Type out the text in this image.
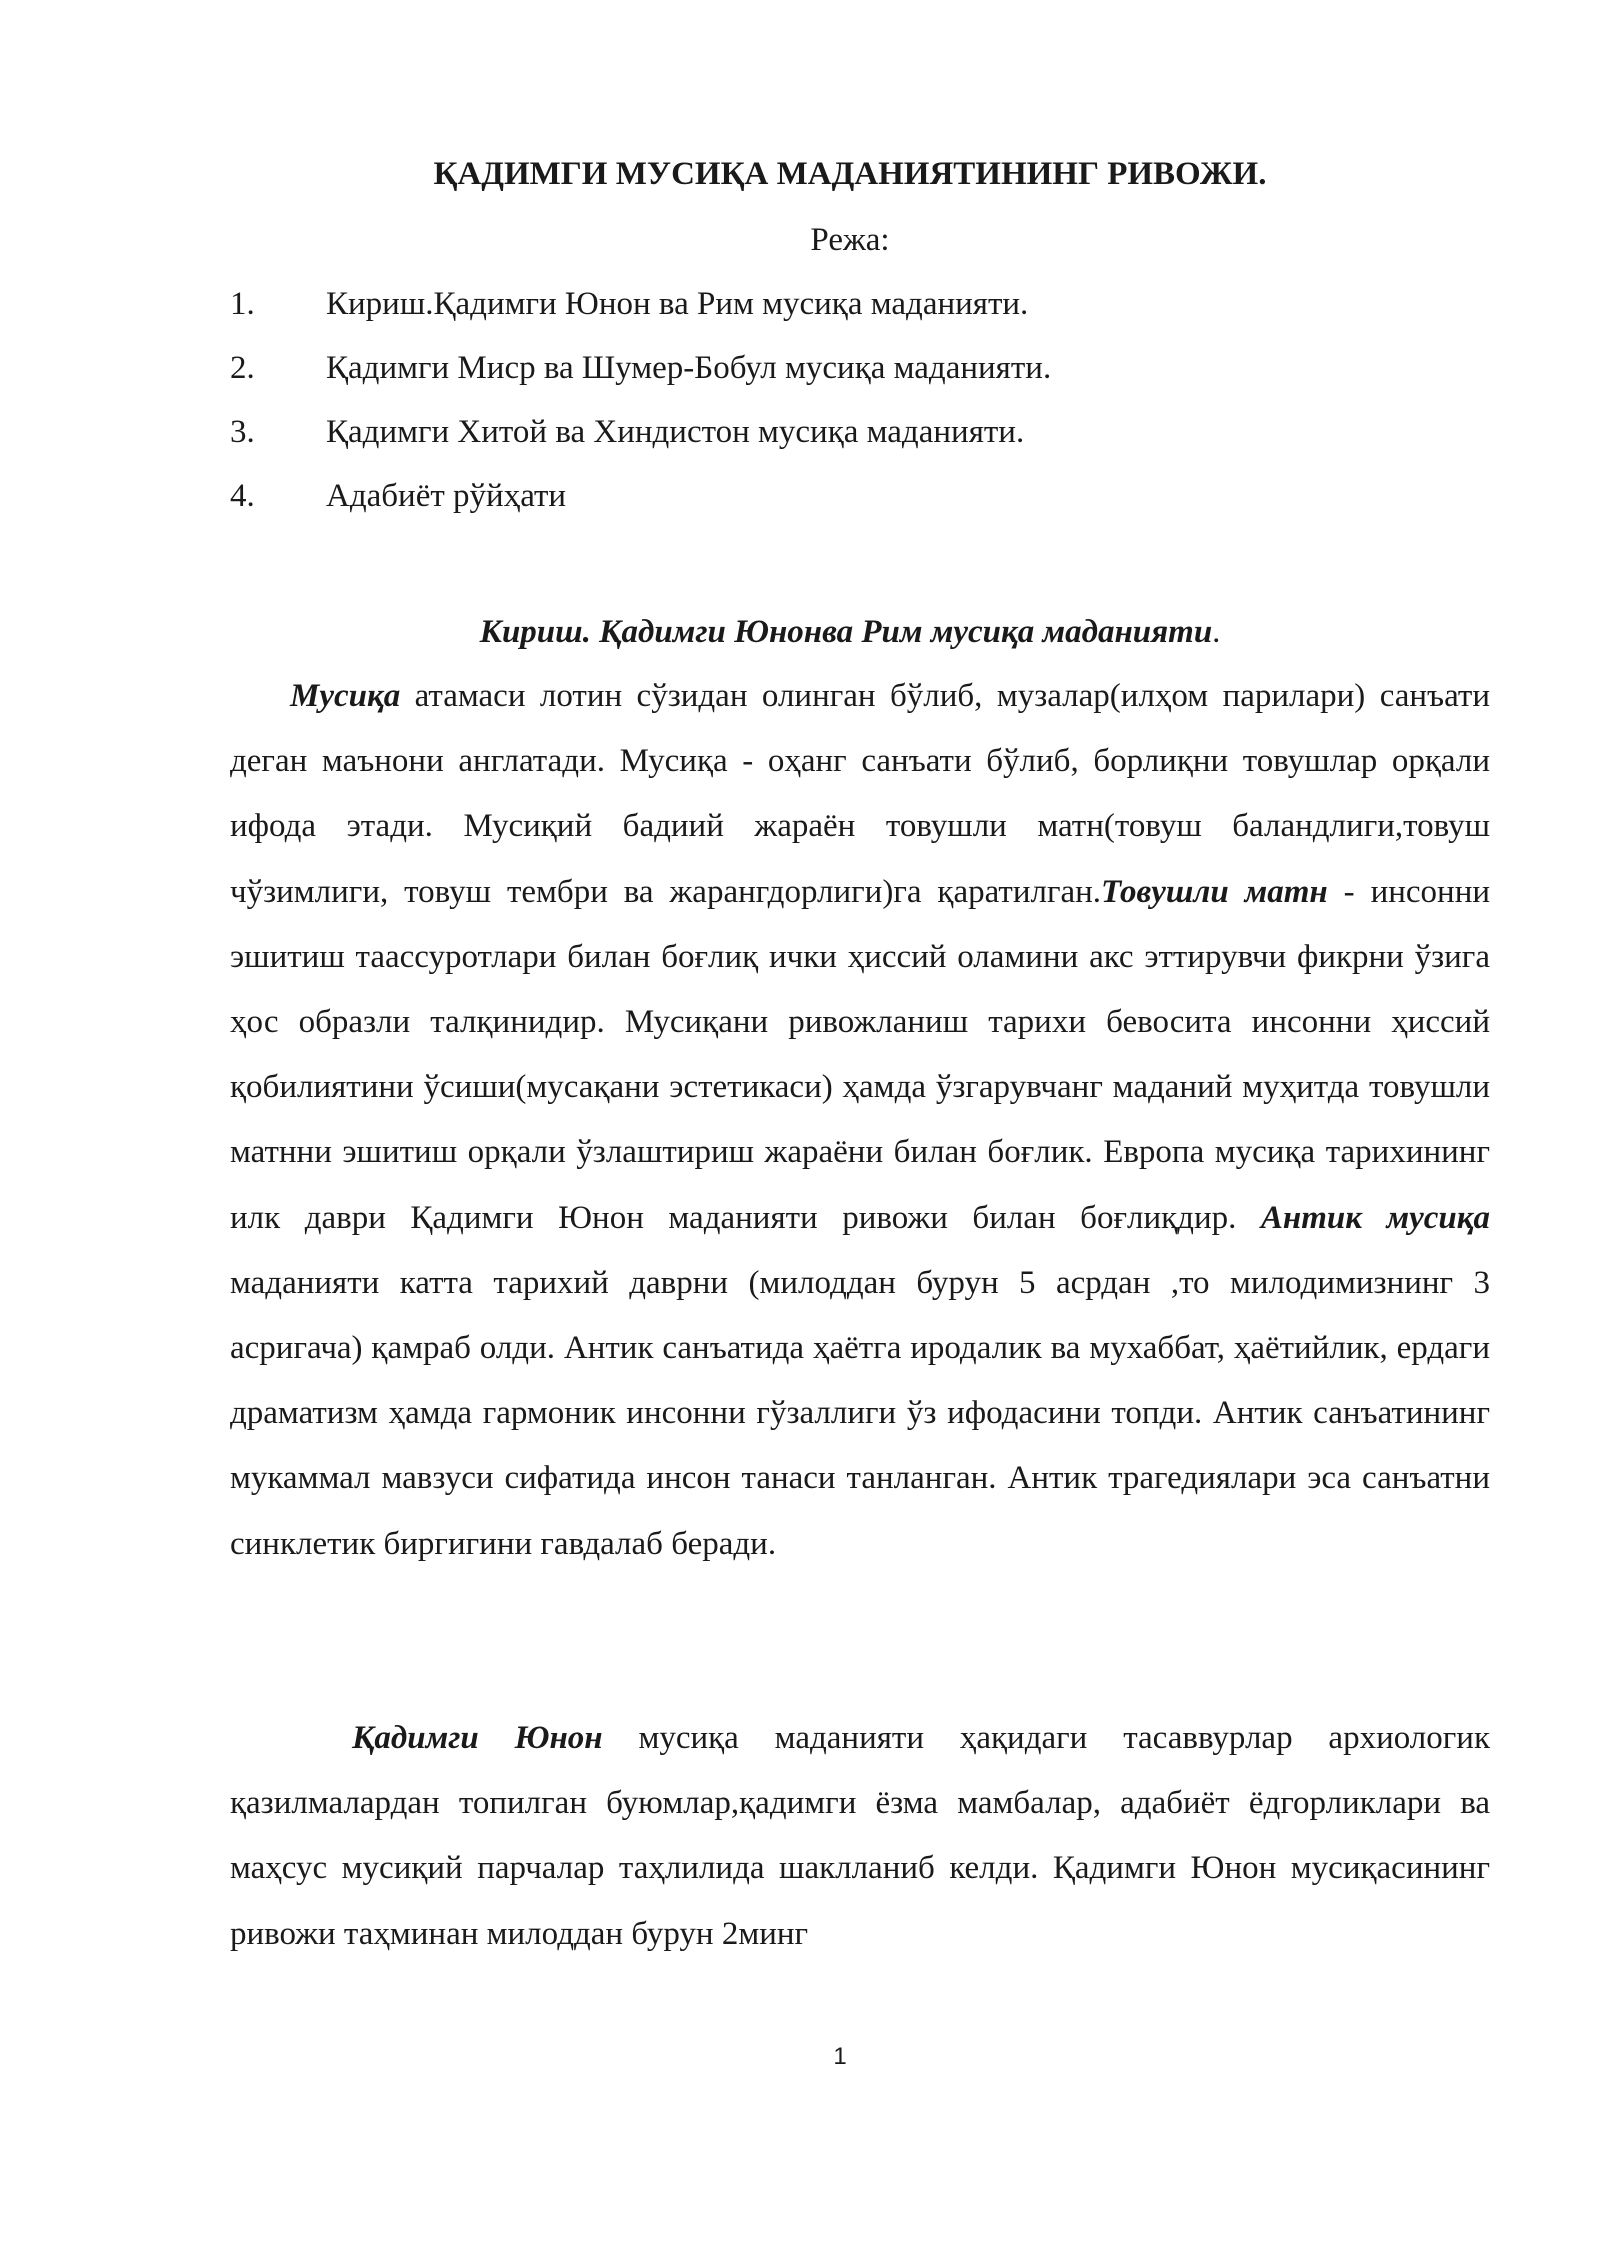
ҚАДИМГИ МУСИҚА МАДАНИЯТИНИНГ РИВОЖИ.
Режа:
1. Кириш.Қадимги Юнон ва Рим мусиқа маданияти.
2. Қадимги Миср ва Шумер-Бобул мусиқа маданияти.
3. Қадимги Хитой ва Хиндистон мусиқа маданияти.
4. Адабиёт рўйҳати
Кириш. Қадимги Юнонва Рим мусиқа маданияти.

Мусиқа атамаси лотин сўзидан олинган бўлиб, музалар(илҳом парилари) санъати деган маънони англатади. Мусиқа - оҳанг санъати бўлиб, борлиқни товушлар орқали ифода этади. Мусиқий бадиий жараён товушли матн(товуш баландлиги,товуш чўзимлиги, товуш тембри ва жарангдорлиги)га қаратилган.Товушли матн - инсонни эшитиш таассуротлари билан боғлиқ ички ҳиссий оламини акс эттирувчи фикрни ўзига ҳос образли талқинидир. Мусиқани ривожланиш тарихи бевосита инсонни ҳиссий қобилиятини ўсиши(мусақани эстетикаси) ҳамда ўзгарувчанг маданий муҳитда товушли матнни эшитиш орқали ўзлаштириш жараёни билан боғлик. Европа мусиқа тарихининг илк даври Қадимги Юнон маданияти ривожи билан боғлиқдир. Антик мусиқа маданияти катта тарихий даврни (милоддан бурун 5 асрдан ,то милодимизнинг 3 асригача) қамраб олди. Антик санъатида ҳаётга иродалик ва мухаббат, ҳаётийлик, ердаги драматизм ҳамда гармоник инсонни гўзаллиги ўз ифодасини топди. Антик санъатининг мукаммал мавзуси сифатида инсон танаси танланган. Антик трагедиялари эса санъатни синклетик биргигини гавдалаб беради.

Қадимги Юнон мусиқа маданияти ҳақидаги тасаввурлар архиологик қазилмалардан топилган буюмлар,қадимги ёзма мамбалар, адабиёт ёдгорликлари ва маҳсус мусиқий парчалар таҳлилида шаклланиб келди. Қадимги Юнон мусиқасининг ривожи таҳминан милоддан бурун 2минг

1
